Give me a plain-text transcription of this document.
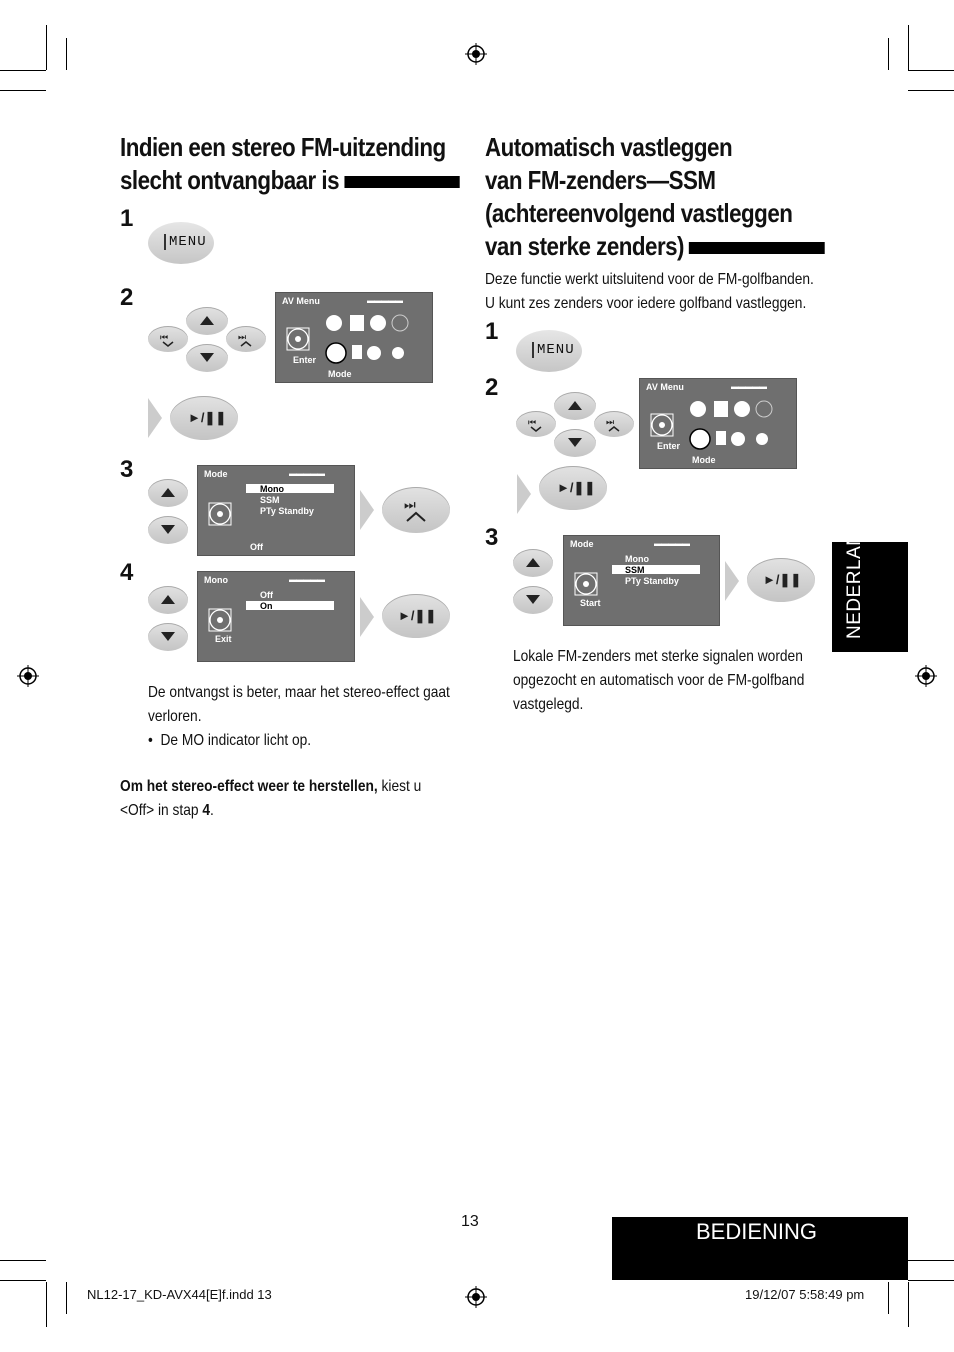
Indien een stereo FM-uitzending
slecht ontvangbaar is
1
MENU
2
⏮	⏭
AV Menu	▬▬▬▬▬
Enter
Mode
►/❚❚
3	Mode	▬▬▬▬▬
Mono
SSM
PTy Standby
Off
⏭
4	Mono	▬▬▬▬▬
Off
On
Exit
►/❚❚
De ontvangst is beter, maar het stereo-effect gaat
verloren.
•  De MO indicator licht op.
Om het stereo-effect weer te herstellen, kiest u
<Off> in stap 4.
Automatisch vastleggen
van FM-zenders—SSM
(achtereenvolgend vastleggen
van sterke zenders)
Deze functie werkt uitsluitend voor de FM-golfbanden.
U kunt zes zenders voor iedere golfband vastleggen.
1
MENU
2
⏮	⏭
AV Menu	▬▬▬▬▬
Enter
Mode
►/❚❚
3	Mode	▬▬▬▬▬
Mono
SSM
PTy Standby
Start
►/❚❚
Lokale FM-zenders met sterke signalen worden
opgezocht en automatisch voor de FM-golfband
vastgelegd.
NEDERLANDS
13	BEDIENING
NL12-17_KD-AVX44[E]f.indd 13	19/12/07 5:58:49 pm
